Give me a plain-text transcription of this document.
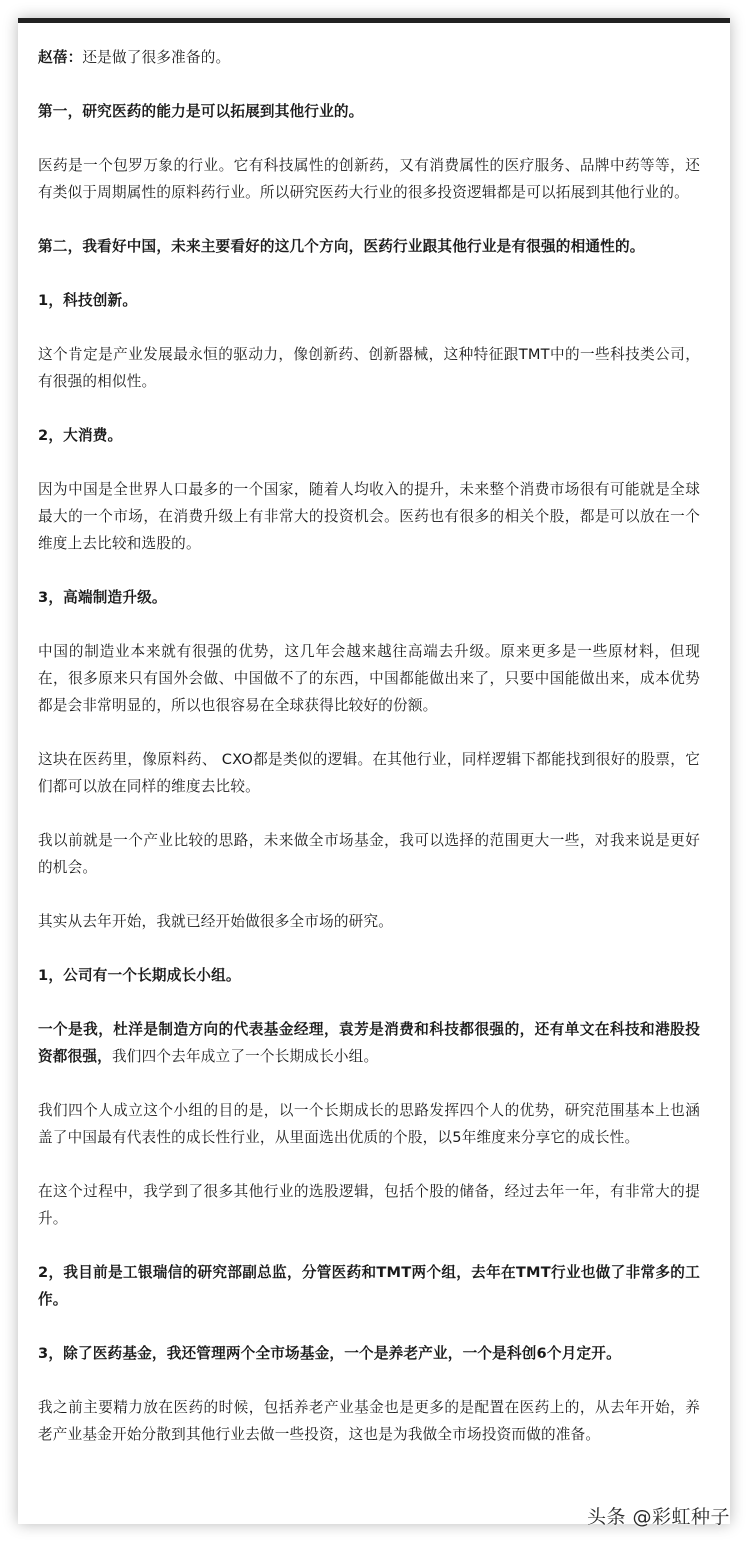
赵蓓：还是做了很多准备的。

第一，研究医药的能力是可以拓展到其他行业的。

医药是一个包罗万象的行业。它有科技属性的创新药，又有消费属性的医疗服务、品牌中药等等，还有类似于周期属性的原料药行业。所以研究医药大行业的很多投资逻辑都是可以拓展到其他行业的。

第二，我看好中国，未来主要看好的这几个方向，医药行业跟其他行业是有很强的相通性的。

1，科技创新。

这个肯定是产业发展最永恒的驱动力，像创新药、创新器械，这种特征跟TMT中的一些科技类公司，有很强的相似性。

2，大消费。

因为中国是全世界人口最多的一个国家，随着人均收入的提升，未来整个消费市场很有可能就是全球最大的一个市场，在消费升级上有非常大的投资机会。医药也有很多的相关个股，都是可以放在一个维度上去比较和选股的。

3，高端制造升级。

中国的制造业本来就有很强的优势，这几年会越来越往高端去升级。原来更多是一些原材料，但现在，很多原来只有国外会做、中国做不了的东西，中国都能做出来了，只要中国能做出来，成本优势都是会非常明显的，所以也很容易在全球获得比较好的份额。

这块在医药里，像原料药、 CXO都是类似的逻辑。在其他行业，同样逻辑下都能找到很好的股票，它们都可以放在同样的维度去比较。

我以前就是一个产业比较的思路，未来做全市场基金，我可以选择的范围更大一些，对我来说是更好的机会。

其实从去年开始，我就已经开始做很多全市场的研究。

1，公司有一个长期成长小组。

一个是我，杜洋是制造方向的代表基金经理，袁芳是消费和科技都很强的，还有单文在科技和港股投资都很强，我们四个去年成立了一个长期成长小组。

我们四个人成立这个小组的目的是，以一个长期成长的思路发挥四个人的优势，研究范围基本上也涵盖了中国最有代表性的成长性行业，从里面选出优质的个股，以5年维度来分享它的成长性。

在这个过程中，我学到了很多其他行业的选股逻辑，包括个股的储备，经过去年一年，有非常大的提升。

2，我目前是工银瑞信的研究部副总监，分管医药和TMT两个组，去年在TMT行业也做了非常多的工作。

3，除了医药基金，我还管理两个全市场基金，一个是养老产业，一个是科创6个月定开。

我之前主要精力放在医药的时候，包括养老产业基金也是更多的是配置在医药上的，从去年开始，养老产业基金开始分散到其他行业去做一些投资，这也是为我做全市场投资而做的准备。

头条 @彩虹种子
